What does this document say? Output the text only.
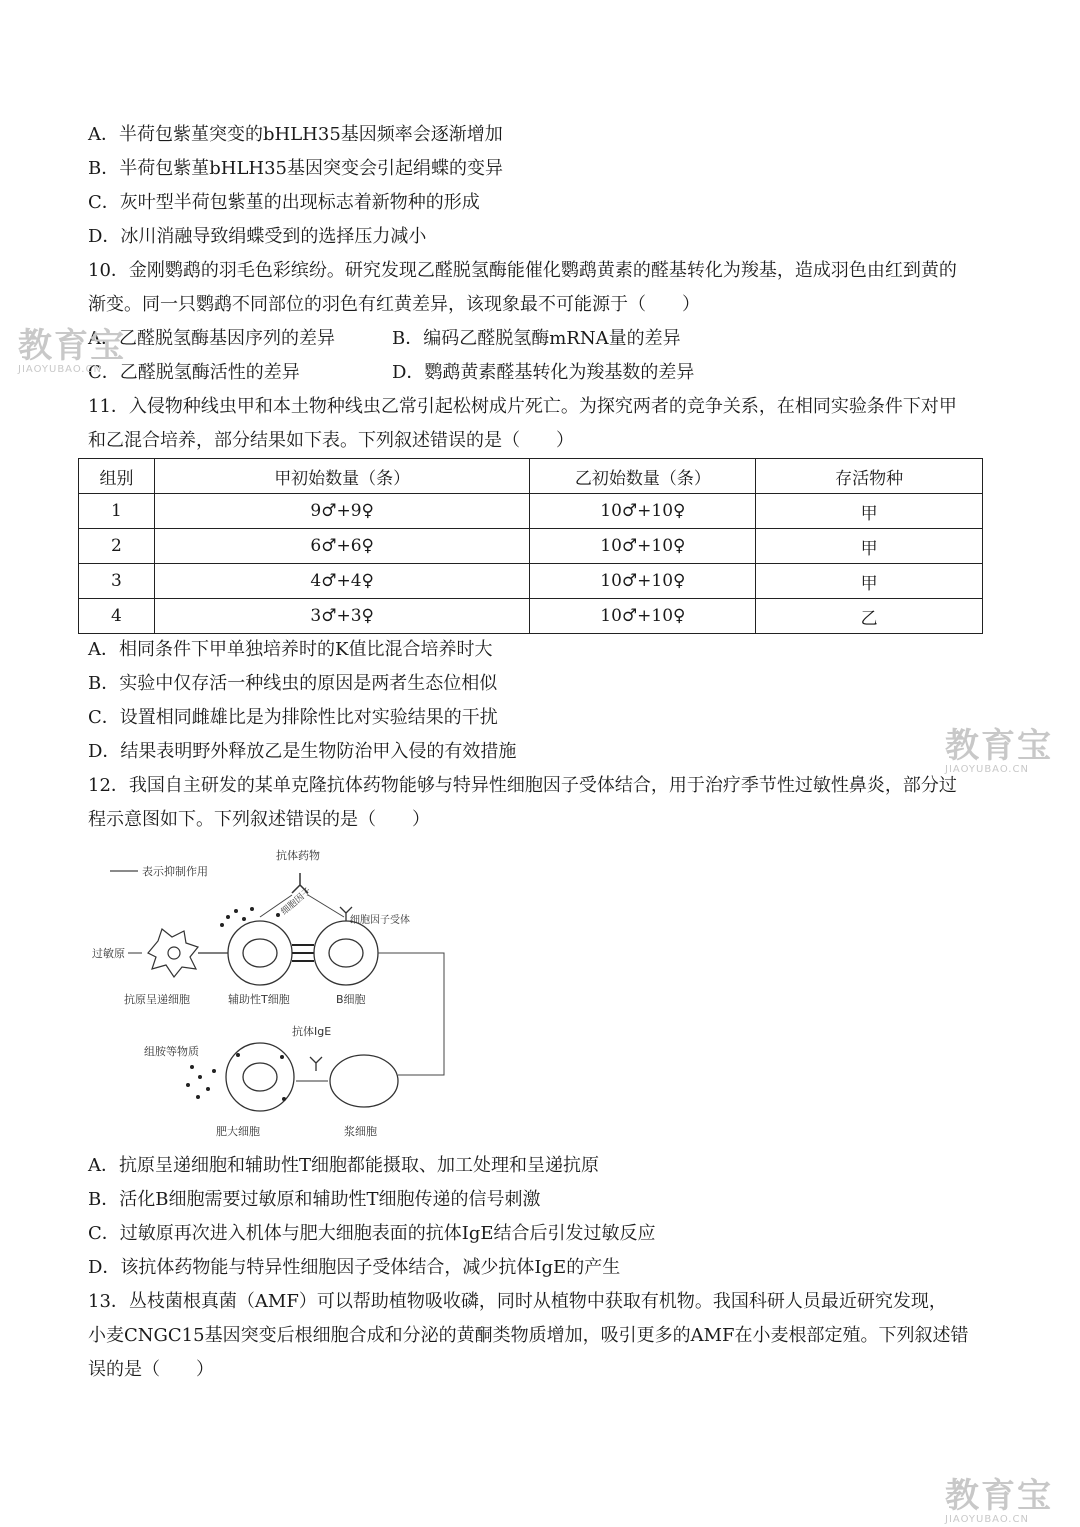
A．半荷包紫堇突变的bHLH35基因频率会逐渐增加
B．半荷包紫堇bHLH35基因突变会引起绢蝶的变异
C．灰叶型半荷包紫堇的出现标志着新物种的形成
D．冰川消融导致绢蝶受到的选择压力减小
10．金刚鹦鹉的羽毛色彩缤纷。研究发现乙醛脱氢酶能催化鹦鹉黄素的醛基转化为羧基，造成羽色由红到黄的
渐变。同一只鹦鹉不同部位的羽色有红黄差异，该现象最不可能源于（　　）
A．乙醛脱氢酶基因序列的差异	B．编码乙醛脱氢酶mRNA量的差异
C．乙醛脱氢酶活性的差异	D．鹦鹉黄素醛基转化为羧基数的差异
11．入侵物种线虫甲和本土物种线虫乙常引起松树成片死亡。为探究两者的竞争关系，在相同实验条件下对甲
和乙混合培养，部分结果如下表。下列叙述错误的是（　　）
组别	甲初始数量（条）	乙初始数量（条）	存活物种
1	9♂+9♀	10♂+10♀	甲
2	6♂+6♀	10♂+10♀	甲
3	4♂+4♀	10♂+10♀	甲
4	3♂+3♀	10♂+10♀	乙
A．相同条件下甲单独培养时的K值比混合培养时大
B．实验中仅存活一种线虫的原因是两者生态位相似
C．设置相同雌雄比是为排除性比对实验结果的干扰
D．结果表明野外释放乙是生物防治甲入侵的有效措施
12．我国自主研发的某单克隆抗体药物能够与特异性细胞因子受体结合，用于治疗季节性过敏性鼻炎，部分过
程示意图如下。下列叙述错误的是（　　）
表示抑制作用
抗体药物
细胞因子
细胞因子受体
过敏原
抗原呈递细胞	辅助性T细胞	B细胞
组胺等物质
抗体IgE
肥大细胞	浆细胞
A．抗原呈递细胞和辅助性T细胞都能摄取、加工处理和呈递抗原
B．活化B细胞需要过敏原和辅助性T细胞传递的信号刺激
C．过敏原再次进入机体与肥大细胞表面的抗体IgE结合后引发过敏反应
D．该抗体药物能与特异性细胞因子受体结合，减少抗体IgE的产生
13．丛枝菌根真菌（AMF）可以帮助植物吸收磷，同时从植物中获取有机物。我国科研人员最近研究发现，
小麦CNGC15基因突变后根细胞合成和分泌的黄酮类物质增加，吸引更多的AMF在小麦根部定殖。下列叙述错
误的是（　　）
教育宝
JIAOYUBAO.CN
教育宝
JIAOYUBAO.CN
教育宝
JIAOYUBAO.CN
